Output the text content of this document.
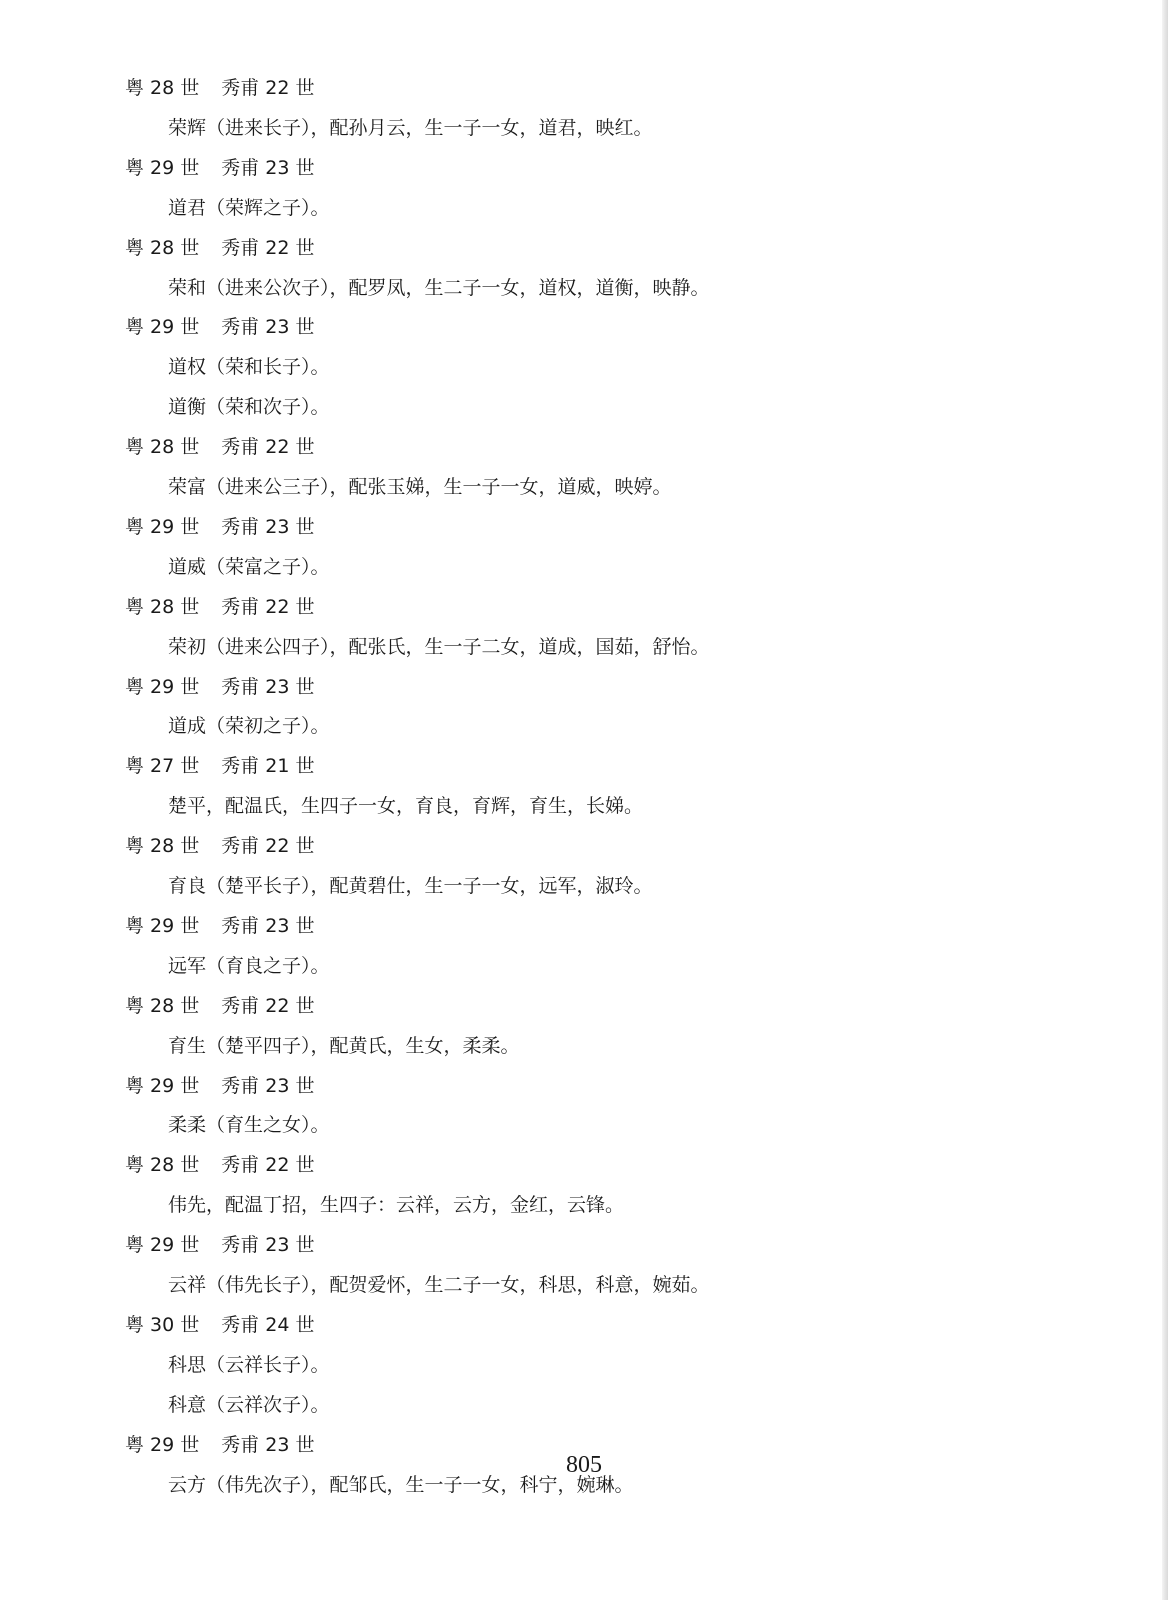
粤 28 世 秀甫 22 世
荣辉（进来长子），配孙月云，生一子一女，道君，映红。
粤 29 世 秀甫 23 世
道君（荣辉之子）。
粤 28 世 秀甫 22 世
荣和（进来公次子），配罗凤，生二子一女，道权，道衡，映静。
粤 29 世 秀甫 23 世
道权（荣和长子）。
道衡（荣和次子）。
粤 28 世 秀甫 22 世
荣富（进来公三子），配张玉娣，生一子一女，道威，映婷。
粤 29 世 秀甫 23 世
道威（荣富之子）。
粤 28 世 秀甫 22 世
荣初（进来公四子），配张氏，生一子二女，道成，国茹，舒怡。
粤 29 世 秀甫 23 世
道成（荣初之子）。
粤 27 世 秀甫 21 世
楚平，配温氏，生四子一女，育良，育辉，育生，长娣。
粤 28 世 秀甫 22 世
育良（楚平长子），配黄碧仕，生一子一女，远军，淑玲。
粤 29 世 秀甫 23 世
远军（育良之子）。
粤 28 世 秀甫 22 世
育生（楚平四子），配黄氏，生女，柔柔。
粤 29 世 秀甫 23 世
柔柔（育生之女）。
粤 28 世 秀甫 22 世
伟先，配温丁招，生四子：云祥，云方，金红，云锋。
粤 29 世 秀甫 23 世
云祥（伟先长子），配贺爱怀，生二子一女，科思，科意，婉茹。
粤 30 世 秀甫 24 世
科思（云祥长子）。
科意（云祥次子）。
粤 29 世 秀甫 23 世
云方（伟先次子），配邹氏，生一子一女，科宁，婉琳。
805
